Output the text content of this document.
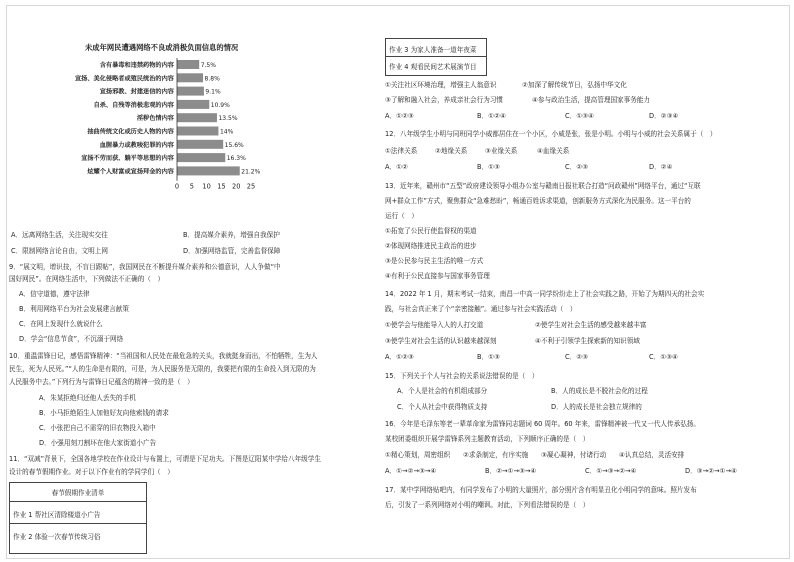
未成年网民遭遇网络不良或消极负面信息的情况
含有暴毒和违禁药物的内容	7.5%
宣扬、美化侵略者或殖民统治的内容	8.8%
宣扬邪教、封建迷信的内容	9.1%
自杀、自残等消极悲观的内容	10.9%
淫秽色情内容	13.5%
抽曲传统文化或历史人物的内容	14%
血腥暴力或教唆犯罪的内容	15.6%
宣扬不劳而获、躺平等思想的内容	16.3%
炫耀个人财富或宣扬拜金的内容	21.2%
0 5 10 15 20 25
A．远离网络生活，关注现实交往	B．提高媒介素养，增强自我保护
C．限制网络言论自由，文明上网	D．加强网络监管，完善监督保障
9．“展文明，增识技，不盲目跟帖”，我国网民在不断提升媒介素养和公德意识，人人争做“中
国好网民”。在网络生活中，下列做法不正确的（　）
A．信守道德，遵守法律
B．利用网络平台为社会发展建言献策
C．在网上发现什么就说什么
D．学会“信息节食”，不沉溺于网络
10．重温雷锋日记，感悟雷锋精神：“当祖国和人民处在最危急的关头，我就挺身而出，不怕牺牲，生为人
民生，死为人民死。”“人的生命是有限的，可是，为人民服务是无限的，我要把有限的生命投入到无限的为
人民服务中去。”下列行为与雷锋日记蕴含的精神一致的是（　）
A．朱某拒绝归还他人丢失的手机
B．小马拒绝陌生人加他好友向他索钱的请求
C．小张把自己不需穿的旧衣物投入箱中
D．小强用刻刀割坏在他大家街道小广告
11．“双减”背景下，全国各地学校在作业设计与布置上，可谓是下足功夫。下图是辽阳某中学给八年级学生
设计的春节假期作业。对于以下作业有的学同学们（　）
春节假期作业清单
作业 1 帮社区清除楼道小广告
作业 2 体验一次春节传统习俗
作业 3 为家人准备一道年夜菜
作业 4 观看民间艺术展演节目
①关注社区环境治理，增强主人翁意识	②加深了解传统节日，弘扬中华文化
③了解和融入社会，养成亲社会行为习惯	④参与政治生活，提高管理国家事务能力
A．①②③	B．①②④	C．①③④	D．②③④
12．八年级学生小明与同班同学小威都居住在一个小区，小威是张，张是小明。小明与小威的社会关系属于（　）
①法律关系	②地缘关系	③业缘关系	④血缘关系
A．①②	B．①③	C．②③	D．②④
13．近年来，赣州市“五型”政府建设领导小组办公室与赣南日报社联合打造“问政赣州”网络平台，通过“互联
网+群众工作”方式，聚焦群众“急难愁盼”，畅通百姓诉求渠道，创新服务方式深化为民服务。这一平台的
运行（　）
①拓宽了公民行使监督权的渠道
②体现网络推进民主政治的进步
③是公民参与民主生活的唯一方式
④有利于公民直接参与国家事务管理
14．2022 年 1 月，期末考试一结束，南昌一中高一同学纷纷走上了社会实践之路，开始了为期四天的社会实
践，与社会真正来了个“亲密接触”。通过参与社会实践活动（　）
①使学会与他能导入人的人打交道	②使学生对社会生活的感受越来越丰富
③使学生对社会生活的认识越来越深刻	④不利于引领学生探索新的知识领域
A．①②③	B．①③	C．②③	C．①③④
15．下列关于个人与社会的关系说法错误的是（　）
A．个人是社会的有机组成部分	B．人的成长是不脱社会化的过程
C．个人从社会中获得物质支持	D．人的成长是社会独立规律的
16．今年是毛泽东等老一辈革命家为雷锋同志题词 60 周年。60 年来，雷锋精神被一代又一代人传承弘扬。
某校团委组织开展学雷锋系列主题教育活动，下列顺序正确的是（　）
①精心策划，周密组织 ②求条制定，有序实施 ③凝心凝神，付诸行动 ④认真总结，灵活安排
A．①→②→③→④	B．②→①→③→④	C．①→③→②→④	D．③→②→①→④
17．某中学网络贴吧内，有同学发布了小明的大量照片，部分照片含有明显丑化小明同学的意味。照片发布
后，引发了一系列网络对小明的嘲讽。对此，下列看法错误的是（　）
